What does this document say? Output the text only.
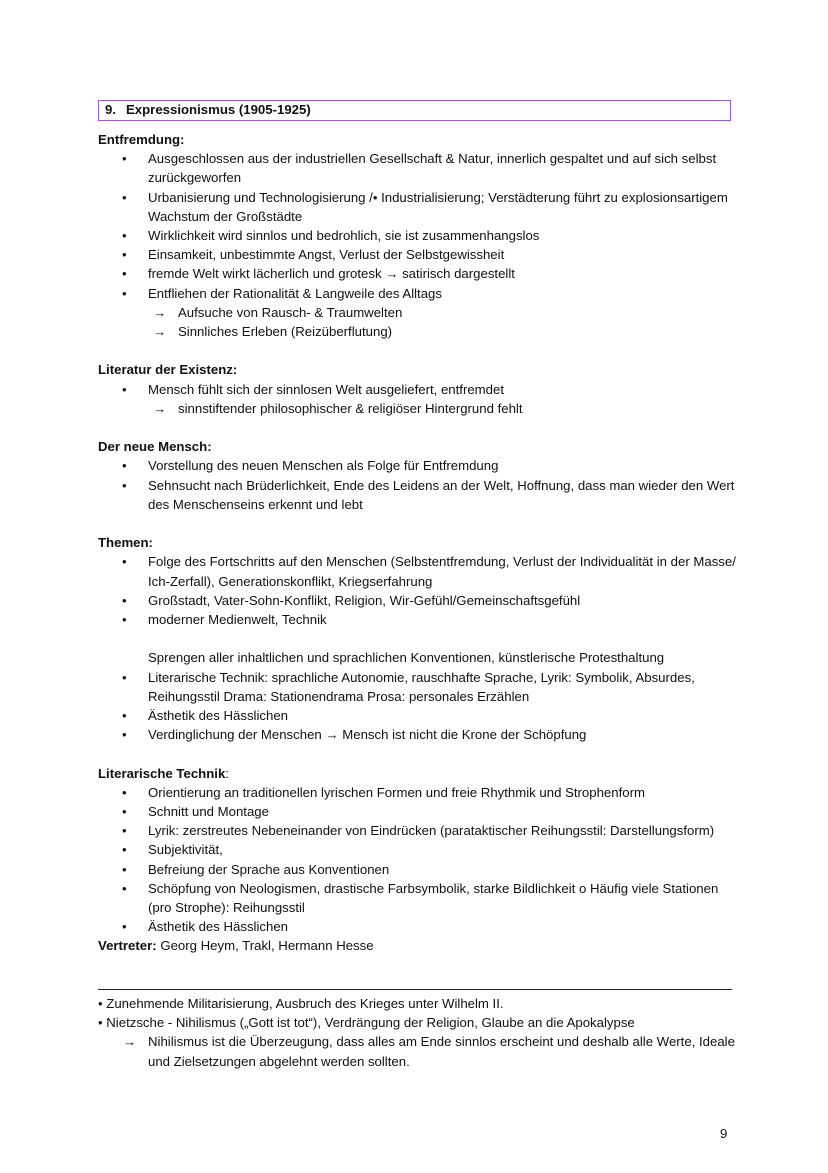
9. Expressionismus (1905-1925)
Entfremdung:
• Ausgeschlossen aus der industriellen Gesellschaft & Natur, innerlich gespaltet und auf sich selbst zurückgeworfen
• Urbanisierung und Technologisierung /• Industrialisierung; Verstädterung führt zu explosionsartigem Wachstum der Großstädte
• Wirklichkeit wird sinnlos und bedrohlich, sie ist zusammenhangslos
• Einsamkeit, unbestimmte Angst, Verlust der Selbstgewissheit
• fremde Welt wirkt lächerlich und grotesk → satirisch dargestellt
• Entfliehen der Rationalität & Langweile des Alltags
→ Aufsuche von Rausch- & Traumwelten
→ Sinnliches Erleben (Reizüberflutung)
Literatur der Existenz:
• Mensch fühlt sich der sinnlosen Welt ausgeliefert, entfremdet
→ sinnstiftender philosophischer & religiöser Hintergrund fehlt
Der neue Mensch:
• Vorstellung des neuen Menschen als Folge für Entfremdung
• Sehnsucht nach Brüderlichkeit, Ende des Leidens an der Welt, Hoffnung, dass man wieder den Wert des Menschenseins erkennt und lebt
Themen:
• Folge des Fortschritts auf den Menschen (Selbstentfremdung, Verlust der Individualität in der Masse/ Ich-Zerfall), Generationskonflikt, Kriegserfahrung
• Großstadt, Vater-Sohn-Konflikt, Religion, Wir-Gefühl/Gemeinschaftsgefühl
• moderner Medienwelt, Technik
Sprengen aller inhaltlichen und sprachlichen Konventionen, künstlerische Protesthaltung
• Literarische Technik: sprachliche Autonomie, rauschhafte Sprache, Lyrik: Symbolik, Absurdes, Reihungsstil Drama: Stationendrama Prosa: personales Erzählen
• Ästhetik des Hässlichen
• Verdinglichung der Menschen → Mensch ist nicht die Krone der Schöpfung
Literarische Technik:
• Orientierung an traditionellen lyrischen Formen und freie Rhythmik und Strophenform
• Schnitt und Montage
• Lyrik: zerstreutes Nebeneinander von Eindrücken (parataktischer Reihungsstil: Darstellungsform)
• Subjektivität,
• Befreiung der Sprache aus Konventionen
• Schöpfung von Neologismen, drastische Farbsymbolik, starke Bildlichkeit o Häufig viele Stationen (pro Strophe): Reihungsstil
• Ästhetik des Hässlichen
Vertreter: Georg Heym, Trakl, Hermann Hesse
• Zunehmende Militarisierung, Ausbruch des Krieges unter Wilhelm II.
• Nietzsche - Nihilismus („Gott ist tot“), Verdrängung der Religion, Glaube an die Apokalypse
→ Nihilismus ist die Überzeugung, dass alles am Ende sinnlos erscheint und deshalb alle Werte, Ideale und Zielsetzungen abgelehnt werden sollten.
9
